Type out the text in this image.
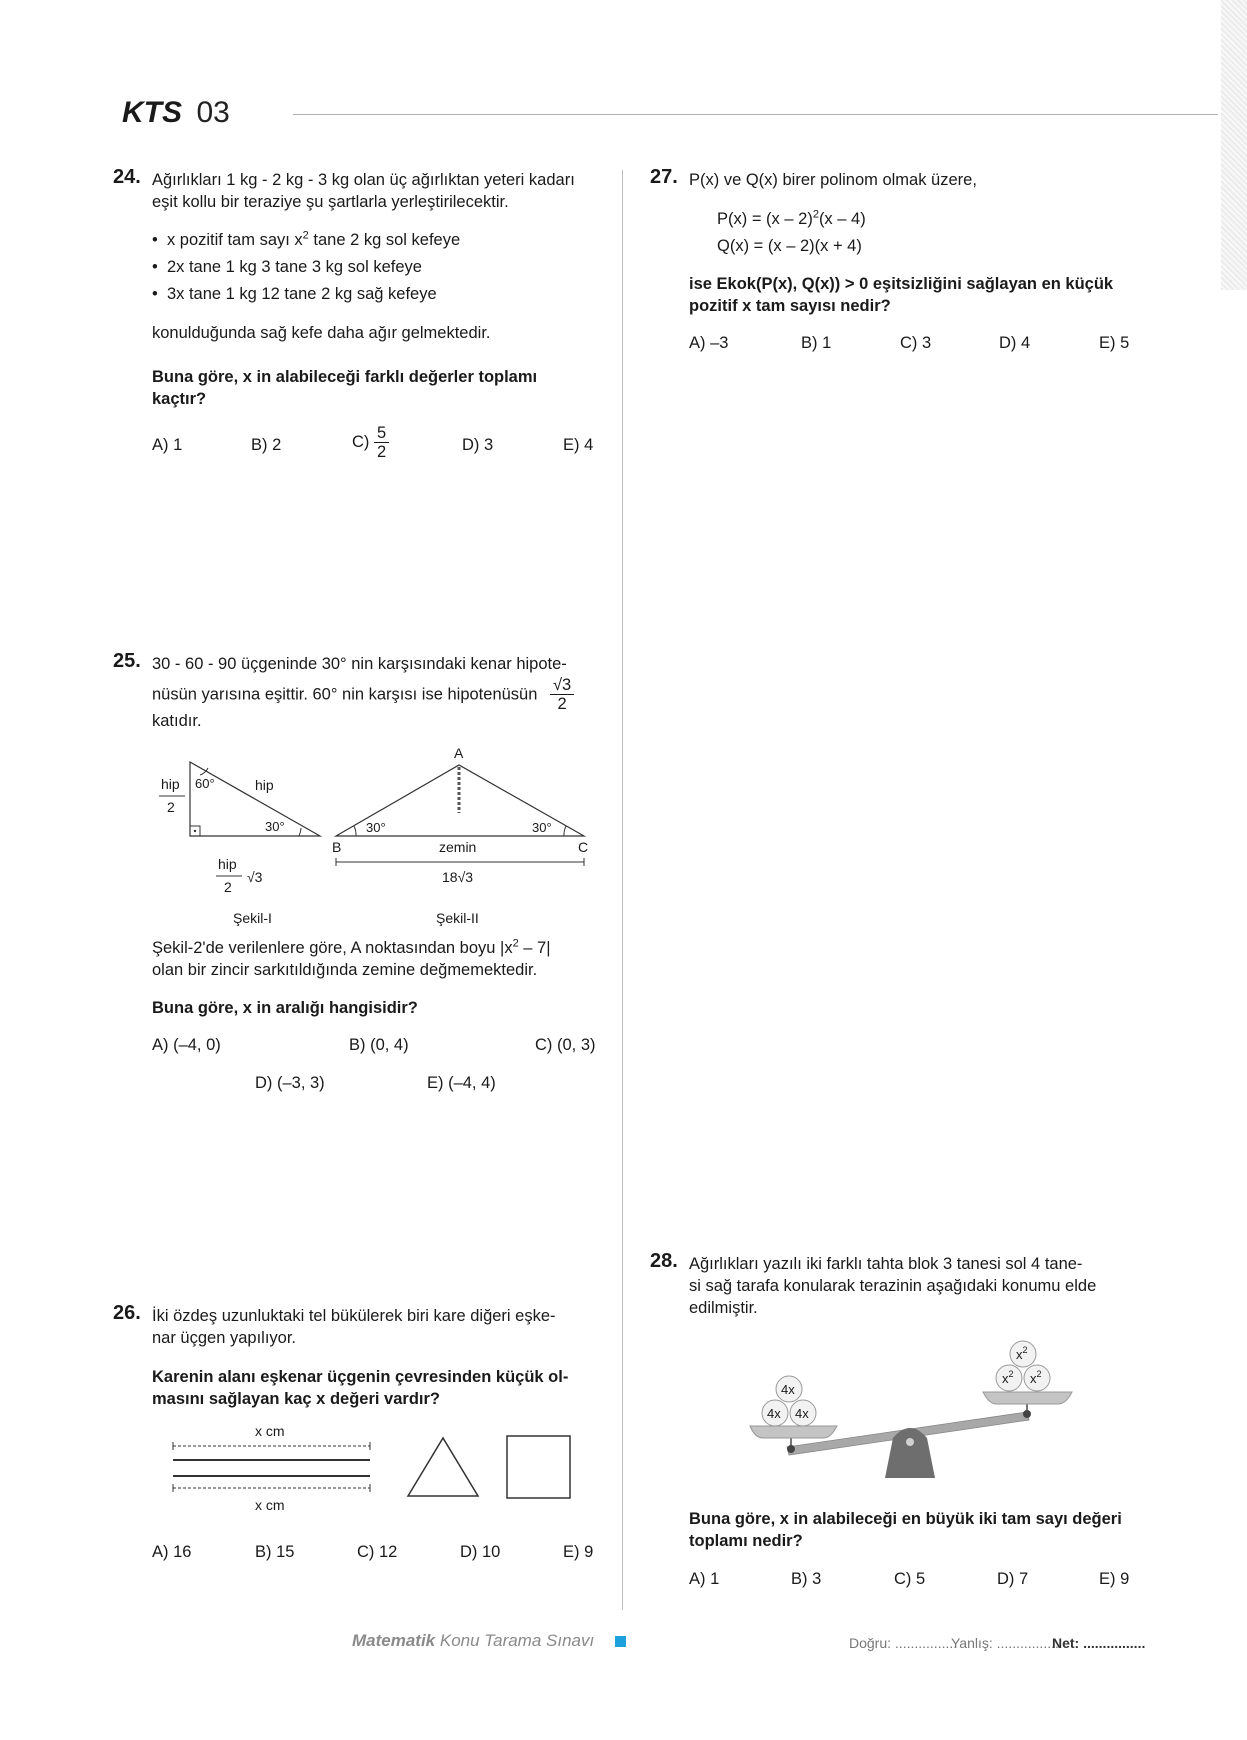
KTS 03
24. Ağırlıkları 1 kg - 2 kg - 3 kg olan üç ağırlıktan yeteri kadarı
eşit kollu bir teraziye şu şartlarla yerleştirilecektir.
•  x pozitif tam sayı $x^2$ tane 2 kg sol kefeye
•  2x tane 1 kg 3 tane 3 kg sol kefeye
•  3x tane 1 kg 12 tane 2 kg sağ kefeye
konulduğunda sağ kefe daha ağır gelmektedir.
Buna göre, x in alabileceği farklı değerler toplamı
kaçtır?
A) 1	B) 2	$C) \frac{5}{2}$	D) 3	E) 4
25. 30 - 60 - 90 üçgeninde 30° nin karşısındaki kenar hipote-
nüsün yarısına eşittir. 60° nin karşısı ise hipotenüsün $\frac{√3}{2}$
katıdır.
hip
2
60°	hip
30°
hip
2
√3
Şekil-I
A
30°	30°
B	C
zemin
18√3
Şekil-II
Şekil-2'de verilenlere göre, A noktasından boyu $|x^2 - 7|$
olan bir zincir sarkıtıldığında zemine değmemektedir.
Buna göre, x in aralığı hangisidir?
A) (–4, 0)	B) (0, 4)	C) (0, 3)
D) (–3, 3)	E) (–4, 4)
26. İki özdeş uzunluktaki tel bükülerek biri kare diğeri eşke-
nar üçgen yapılıyor.
Karenin alanı eşkenar üçgenin çevresinden küçük ol-
masını sağlayan kaç x değeri vardır?
x cm
x cm
A) 16	B) 15	C) 12	D) 10	E) 9
27. P(x) ve Q(x) birer polinom olmak üzere,
P(x) = (x – 2)$^2$(x – 4)
Q(x) = (x – 2)(x + 4)
ise Ekok(P(x), Q(x)) > 0 eşitsizliğini sağlayan en küçük
pozitif x tam sayısı nedir?
A) –3	B) 1	C) 3	D) 4	E) 5
28. Ağırlıkları yazılı iki farklı tahta blok 3 tanesi sol 4 tane-
si sağ tarafa konularak terazinin aşağıdaki konumu elde
edilmiştir.
4x 4x
4x
$x^2$ $x^2$
$x^2$
Buna göre, x in alabileceği en büyük iki tam sayı değeri
toplamı nedir?
A) 1	B) 3	C) 5	D) 7	E) 9
Matematik Konu Tarama Sınavı	Doğru: ................
Yanlış: ................
Net: ................
